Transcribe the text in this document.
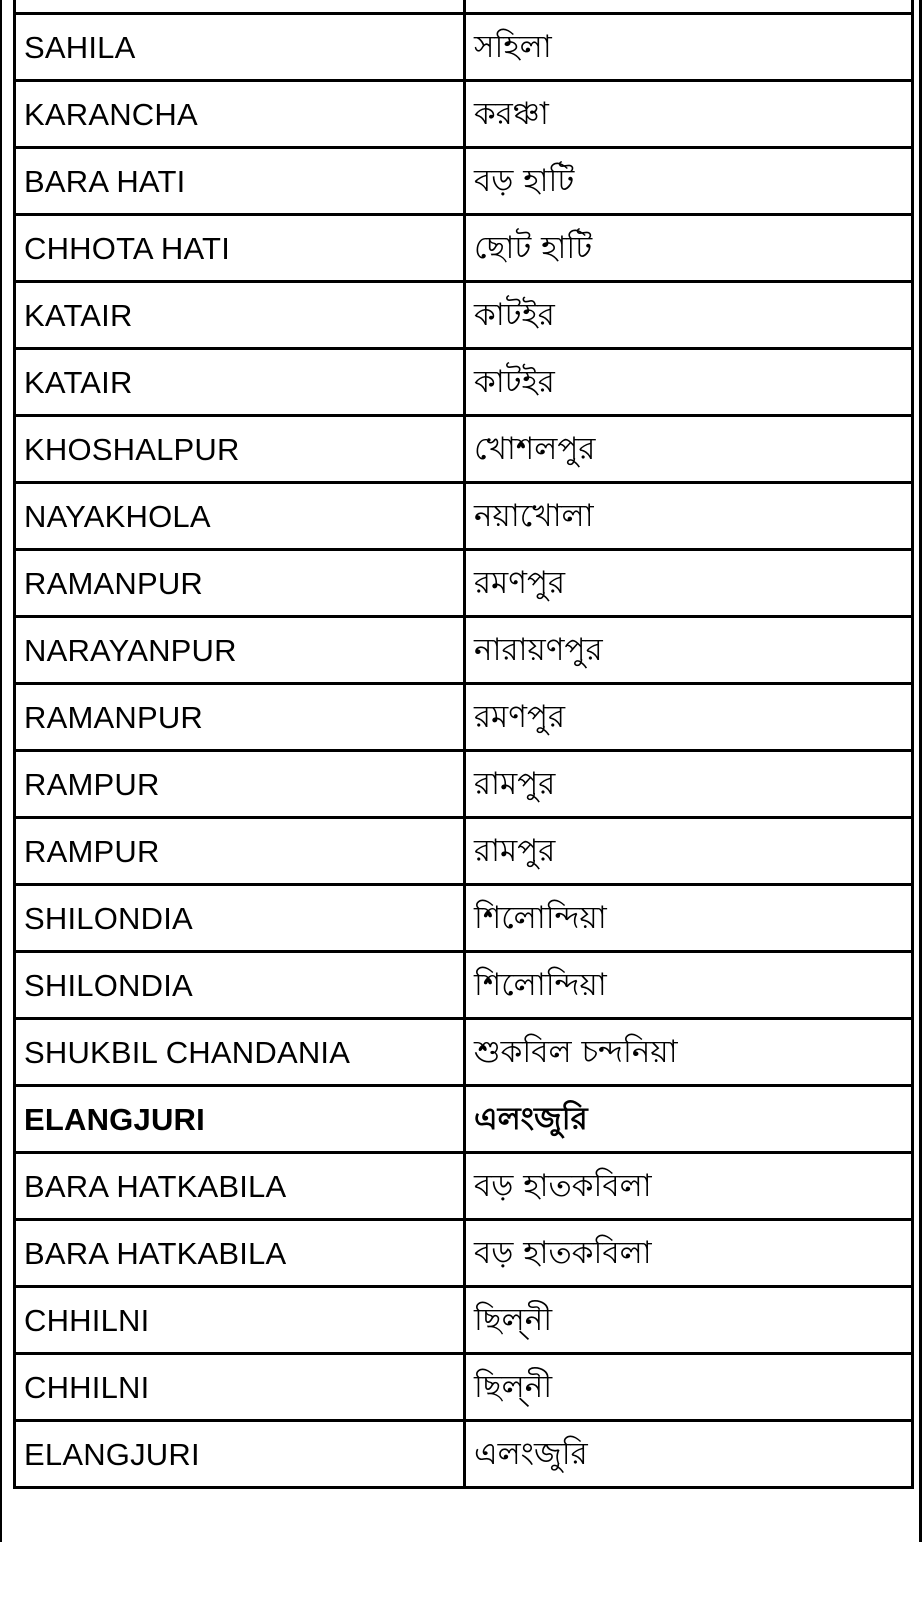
SAHILA	সহিলা
KARANCHA	করঞ্চা
BARA HATI	বড় হাটি
CHHOTA HATI	ছোট হাটি
KATAIR	কাটইর
KATAIR	কাটইর
KHOSHALPUR	খোশলপুর
NAYAKHOLA	নয়াখোলা
RAMANPUR	রমণপুর
NARAYANPUR	নারায়ণপুর
RAMANPUR	রমণপুর
RAMPUR	রামপুর
RAMPUR	রামপুর
SHILONDIA	শিলোন্দিয়া
SHILONDIA	শিলোন্দিয়া
SHUKBIL CHANDANIA	শুকবিল চন্দনিয়া
ELANGJURI	এলংজুরি
BARA HATKABILA	বড় হাতকবিলা
BARA HATKABILA	বড় হাতকবিলা
CHHILNI	ছিল্নী
CHHILNI	ছিল্নী
ELANGJURI	এলংজুরি
